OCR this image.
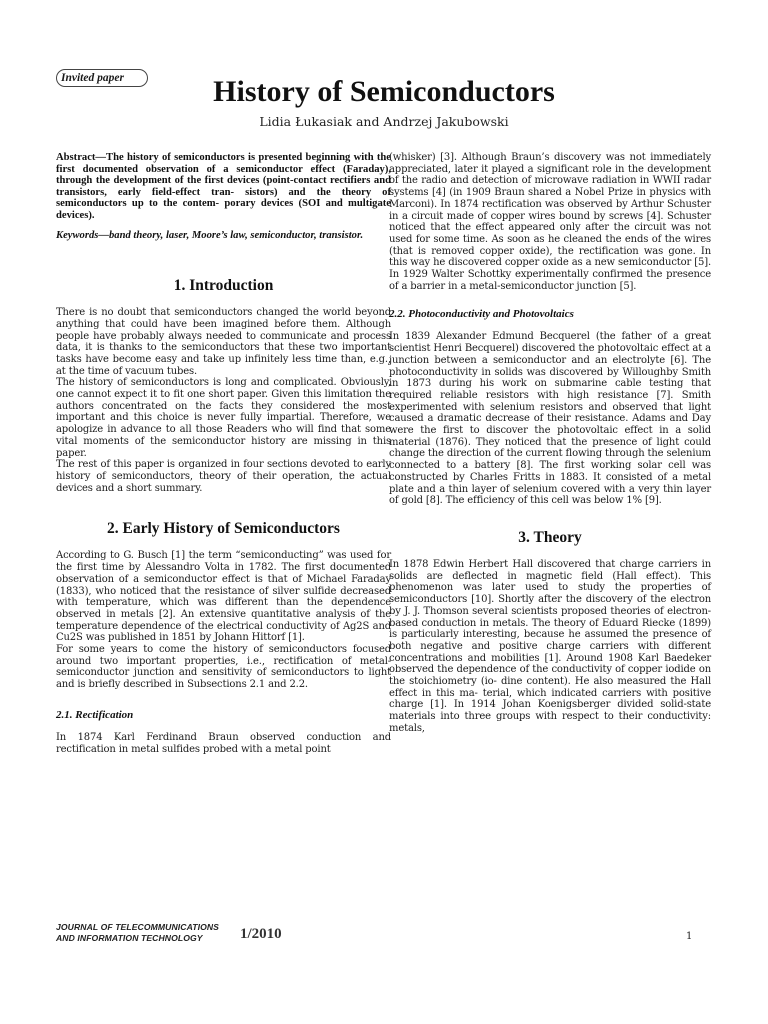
Invited paper	History of Semiconductors
Lidia Łukasiak and Andrzej Jakubowski

Abstract—The history of semiconductors is presented beginning with the first documented observation of a semiconductor effect (Faraday), through the development of the first devices (point-contact rectifiers and transistors, early field-effect tran- sistors) and the theory of semiconductors up to the contem- porary devices (SOI and multigate devices).

Keywords—band theory, laser, Moore’s law, semiconductor, transistor.

1. Introduction

There is no doubt that semiconductors changed the world beyond anything that could have been imagined before them. Although people have probably always needed to communicate and process data, it is thanks to the semiconductors that these two important tasks have become easy and take up infinitely less time than, e.g., at the time of vacuum tubes.

The history of semiconductors is long and complicated. Obviously, one cannot expect it to fit one short paper. Given this limitation the authors concentrated on the facts they considered the most important and this choice is never fully impartial. Therefore, we apologize in advance to all those Readers who will find that some vital moments of the semiconductor history are missing in this paper.

The rest of this paper is organized in four sections devoted to early history of semiconductors, theory of their operation, the actual devices and a short summary.

2. Early History of Semiconductors

According to G. Busch [1] the term “semiconducting” was used for the first time by Alessandro Volta in 1782. The first documented observation of a semiconductor effect is that of Michael Faraday (1833), who noticed that the resistance of silver sulfide decreased with temperature, which was different than the dependence observed in metals [2]. An extensive quantitative analysis of the temperature dependence of the electrical conductivity of Ag2S and Cu2S was published in 1851 by Johann Hittorf [1].

For some years to come the history of semiconductors focused around two important properties, i.e., rectification of metal-semiconductor junction and sensitivity of semiconductors to light and is briefly described in Subsections 2.1 and 2.2.

2.1. Rectification

In 1874 Karl Ferdinand Braun observed conduction and rectification in metal sulfides probed with a metal point

(whisker) [3]. Although Braun’s discovery was not immediately appreciated, later it played a significant role in the development of the radio and detection of microwave radiation in WWII radar systems [4] (in 1909 Braun shared a Nobel Prize in physics with Marconi). In 1874 rectification was observed by Arthur Schuster in a circuit made of copper wires bound by screws [4]. Schuster noticed that the effect appeared only after the circuit was not used for some time. As soon as he cleaned the ends of the wires (that is removed copper oxide), the rectification was gone. In this way he discovered copper oxide as a new semiconductor [5]. In 1929 Walter Schottky experimentally confirmed the presence of a barrier in a metal-semiconductor junction [5].

2.2. Photoconductivity and Photovoltaics

In 1839 Alexander Edmund Becquerel (the father of a great scientist Henri Becquerel) discovered the photovoltaic effect at a junction between a semiconductor and an electrolyte [6]. The photoconductivity in solids was discovered by Willoughby Smith in 1873 during his work on submarine cable testing that required reliable resistors with high resistance [7]. Smith experimented with selenium resistors and observed that light caused a dramatic decrease of their resistance. Adams and Day were the first to discover the photovoltaic effect in a solid material (1876). They noticed that the presence of light could change the direction of the current flowing through the selenium connected to a battery [8]. The first working solar cell was constructed by Charles Fritts in 1883. It consisted of a metal plate and a thin layer of selenium covered with a very thin layer of gold [8]. The efficiency of this cell was below 1% [9].

3. Theory

In 1878 Edwin Herbert Hall discovered that charge carriers in solids are deflected in magnetic field (Hall effect). This phenomenon was later used to study the properties of semiconductors [10]. Shortly after the discovery of the electron by J. J. Thomson several scientists proposed theories of electron-based conduction in metals. The theory of Eduard Riecke (1899) is particularly interesting, because he assumed the presence of both negative and positive charge carriers with different concentrations and mobilities [1]. Around 1908 Karl Baedeker observed the dependence of the conductivity of copper iodide on the stoichiometry (io- dine content). He also measured the Hall effect in this ma- terial, which indicated carriers with positive charge [1]. In 1914 Johan Koenigsberger divided solid-state materials into three groups with respect to their conductivity: metals,

JOURNAL OF TELECOMMUNICATIONS
AND INFORMATION TECHNOLOGY	1/2010	1
